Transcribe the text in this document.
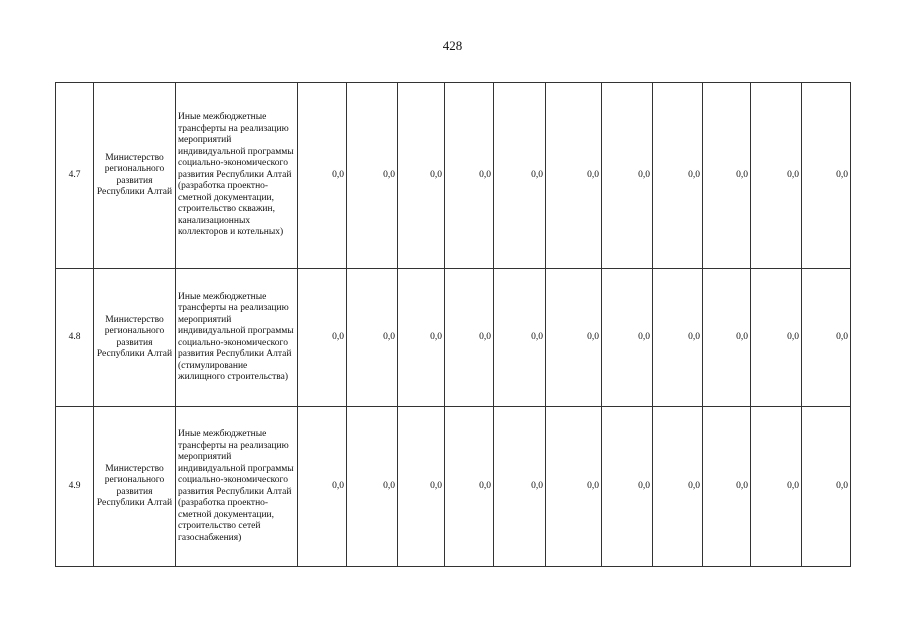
428
4.7	Министерство регионального развития Республики Алтай	Иные межбюджетные трансферты на реализацию мероприятий индивидуальной программы социально-экономического развития Республики Алтай (разработка проектно-сметной документации, строительство скважин, канализационных коллекторов и котельных)	0,0	0,0	0,0	0,0	0,0	0,0	0,0	0,0	0,0	0,0	0,0
4.8	Министерство регионального развития Республики Алтай	Иные межбюджетные трансферты на реализацию мероприятий индивидуальной программы социально-экономического развития Республики Алтай (стимулирование жилищного строительства)	0,0	0,0	0,0	0,0	0,0	0,0	0,0	0,0	0,0	0,0	0,0
4.9	Министерство регионального развития Республики Алтай	Иные межбюджетные трансферты на реализацию мероприятий индивидуальной программы социально-экономического развития Республики Алтай (разработка проектно-сметной документации, строительство сетей газоснабжения)	0,0	0,0	0,0	0,0	0,0	0,0	0,0	0,0	0,0	0,0	0,0
